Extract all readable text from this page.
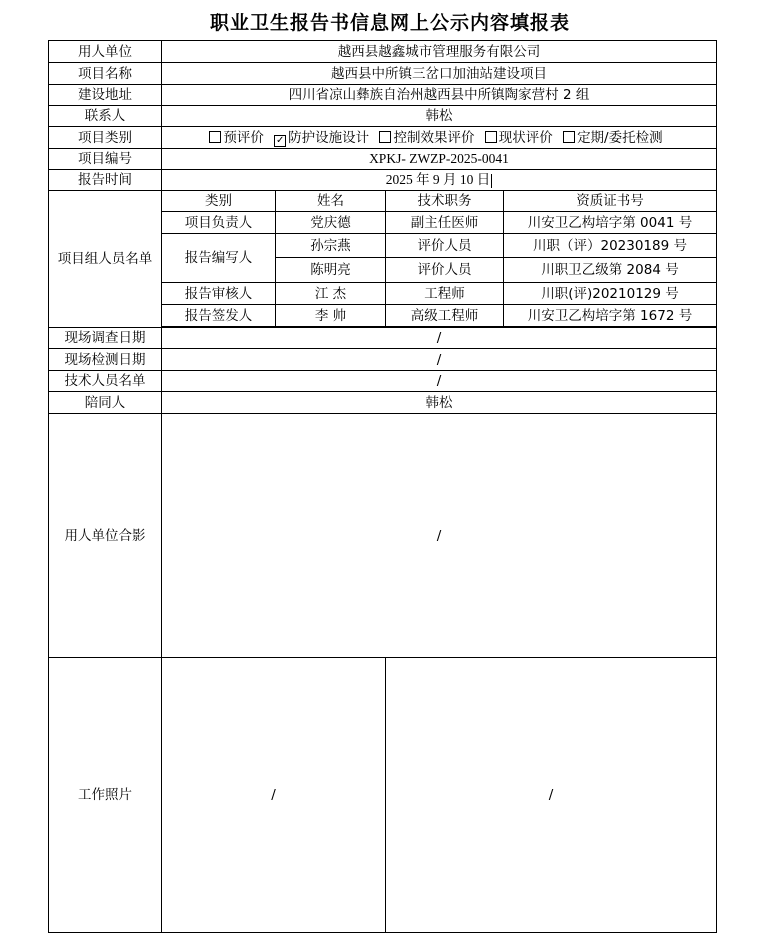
职业卫生报告书信息网上公示内容填报表
用人单位	越西县越鑫城市管理服务有限公司			
项目名称	越西县中所镇三岔口加油站建设项目			
建设地址	四川省凉山彝族自治州越西县中所镇陶家营村 2 组			
联系人	韩松			
项目类别	预评价 ✓ 防护设施设计 控制效果评价 现状评价 定期/委托检测			
项目编号	XPKJ- ZWZP-2025-0041			
报告时间	2025 年 9 月 10 日			
项目组人员名单	类别	姓名	技术职务	资质证书号
	项目负责人	党庆德	副主任医师	川安卫乙构培字第 0041 号
	报告编写人	孙宗燕	评价人员	川职（评）20230189 号
		陈明亮	评价人员	川职卫乙级第 2084 号
	报告审核人	江 杰	工程师	川职(评)20210129 号
	报告签发人	李 帅	高级工程师	川安卫乙构培字第 1672 号

现场调查日期	/			
现场检测日期	/			
技术人员名单	/			
陪同人	韩松			
用人单位合影	/			
工作照片	/		/	
